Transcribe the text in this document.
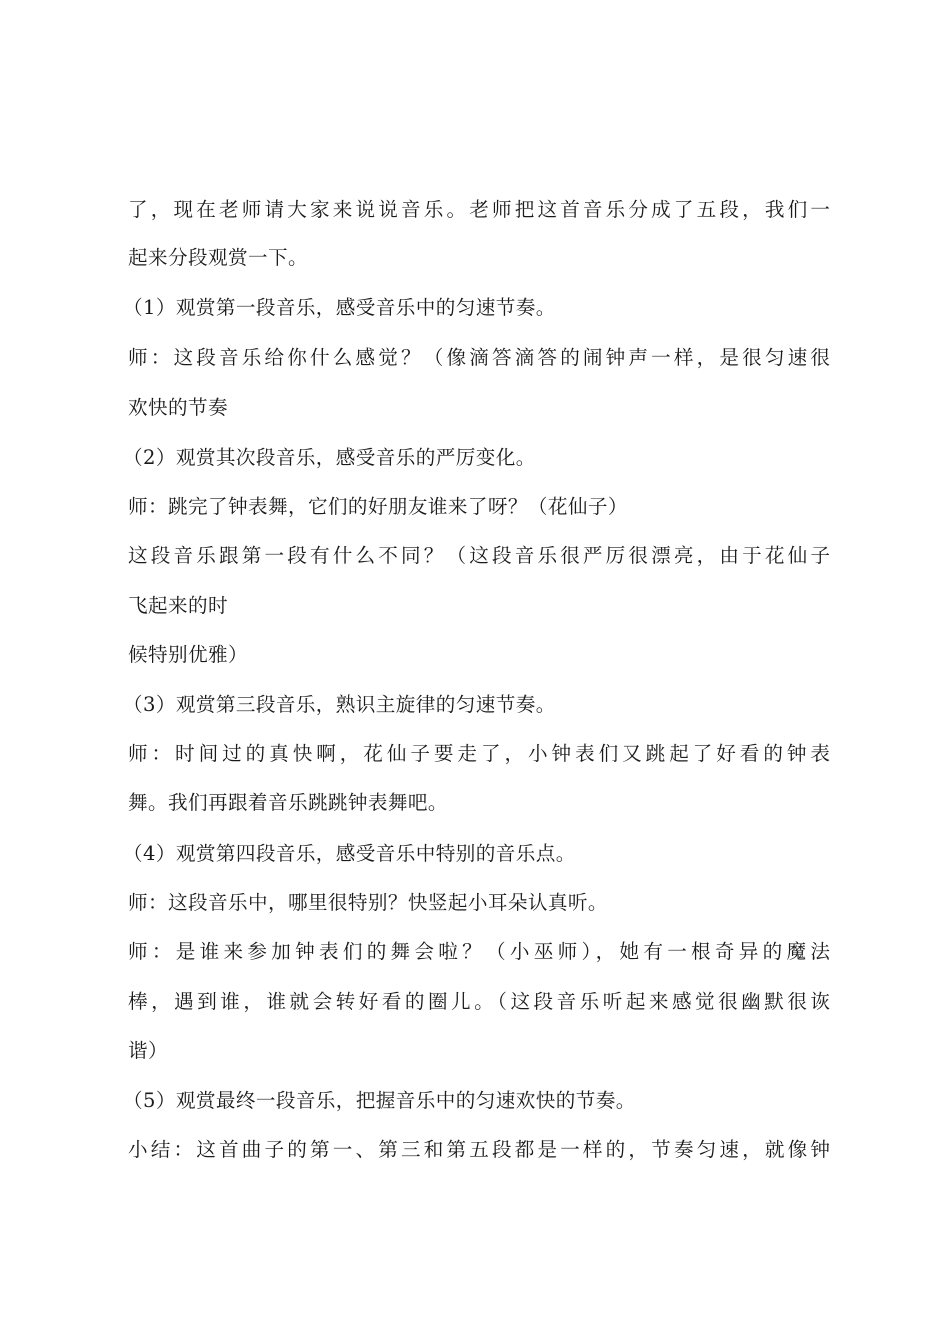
了，现在老师请大家来说说音乐。老师把这首音乐分成了五段，我们一
起来分段观赏一下。
（1）观赏第一段音乐，感受音乐中的匀速节奏。
师：这段音乐给你什么感觉？（像滴答滴答的闹钟声一样，是很匀速很
欢快的节奏
（2）观赏其次段音乐，感受音乐的严厉变化。
师：跳完了钟表舞，它们的好朋友谁来了呀？（花仙子）
这段音乐跟第一段有什么不同？（这段音乐很严厉很漂亮，由于花仙子
飞起来的时
候特别优雅）
（3）观赏第三段音乐，熟识主旋律的匀速节奏。
师：时间过的真快啊，花仙子要走了，小钟表们又跳起了好看的钟表
舞。我们再跟着音乐跳跳钟表舞吧。
（4）观赏第四段音乐，感受音乐中特别的音乐点。
师：这段音乐中，哪里很特别？快竖起小耳朵认真听。
师：是谁来参加钟表们的舞会啦？（小巫师），她有一根奇异的魔法
棒，遇到谁，谁就会转好看的圈儿。（这段音乐听起来感觉很幽默很诙
谐）
（5）观赏最终一段音乐，把握音乐中的匀速欢快的节奏。
小结：这首曲子的第一、第三和第五段都是一样的，节奏匀速，就像钟
